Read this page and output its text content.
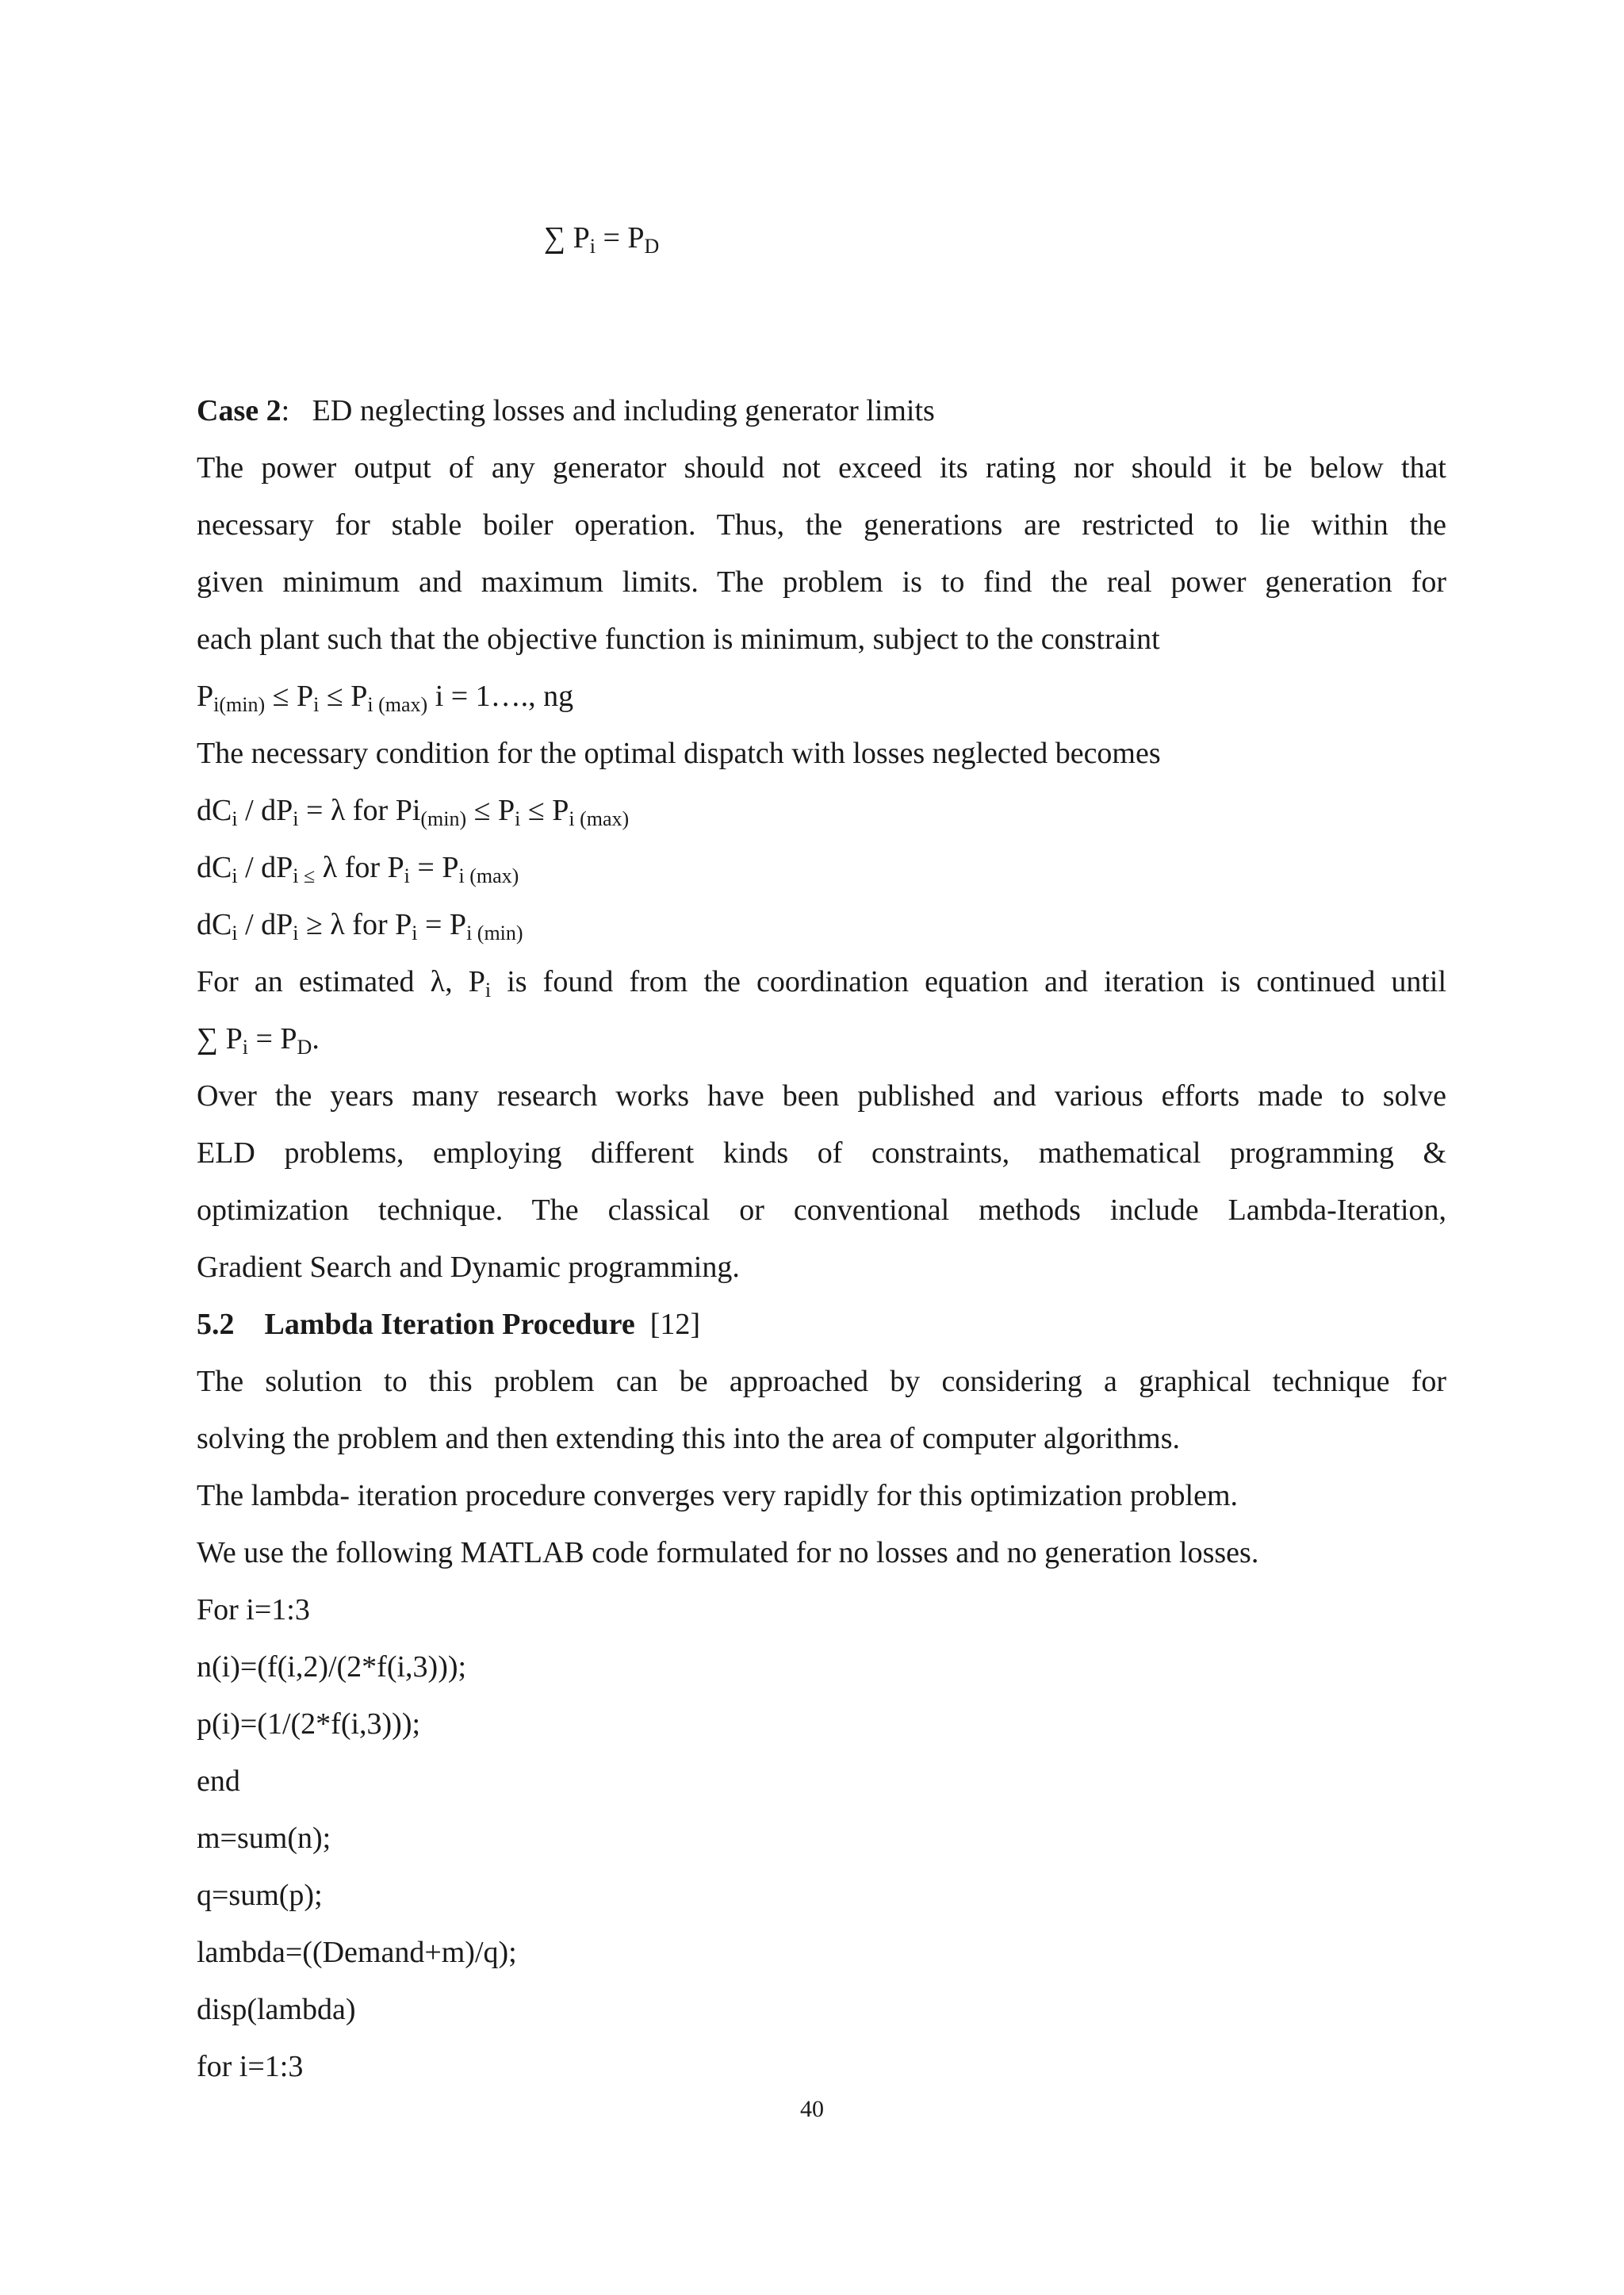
∑ $P_i = P_D$
Case 2: ED neglecting losses and including generator limits
The power output of any generator should not exceed its rating nor should it be below that
necessary for stable boiler operation. Thus, the generations are restricted to lie within the
given minimum and maximum limits. The problem is to find the real power generation for
each plant such that the objective function is minimum, subject to the constraint
$P_{i(min)} \le P_i \le P_{i (max)}$ i = 1…., ng
The necessary condition for the optimal dispatch with losses neglected becomes
$dC_i / dP_i = \lambda$ for $Pi_{(min)} \le P_i \le P_{i (max)}$
$dC_i / dP_{i \le}$ λ for $P_i = P_{i (max)}$
$dC_i / dP_i \ge \lambda$ for $P_i = P_{i (min)}$
For an estimated λ, $P_i$ is found from the coordination equation and iteration is continued until
∑ $P_i = P_D$.
Over the years many research works have been published and various efforts made to solve
ELD problems, employing different kinds of constraints, mathematical programming &
optimization technique. The classical or conventional methods include Lambda-Iteration,
Gradient Search and Dynamic programming.
5.2 Lambda Iteration Procedure [12]
The solution to this problem can be approached by considering a graphical technique for
solving the problem and then extending this into the area of computer algorithms.
The lambda- iteration procedure converges very rapidly for this optimization problem.
We use the following MATLAB code formulated for no losses and no generation losses.
For i=1:3
n(i)=(f(i,2)/(2*f(i,3)));
p(i)=(1/(2*f(i,3)));
end
m=sum(n);
q=sum(p);
lambda=((Demand+m)/q);
disp(lambda)
for i=1:3
40
